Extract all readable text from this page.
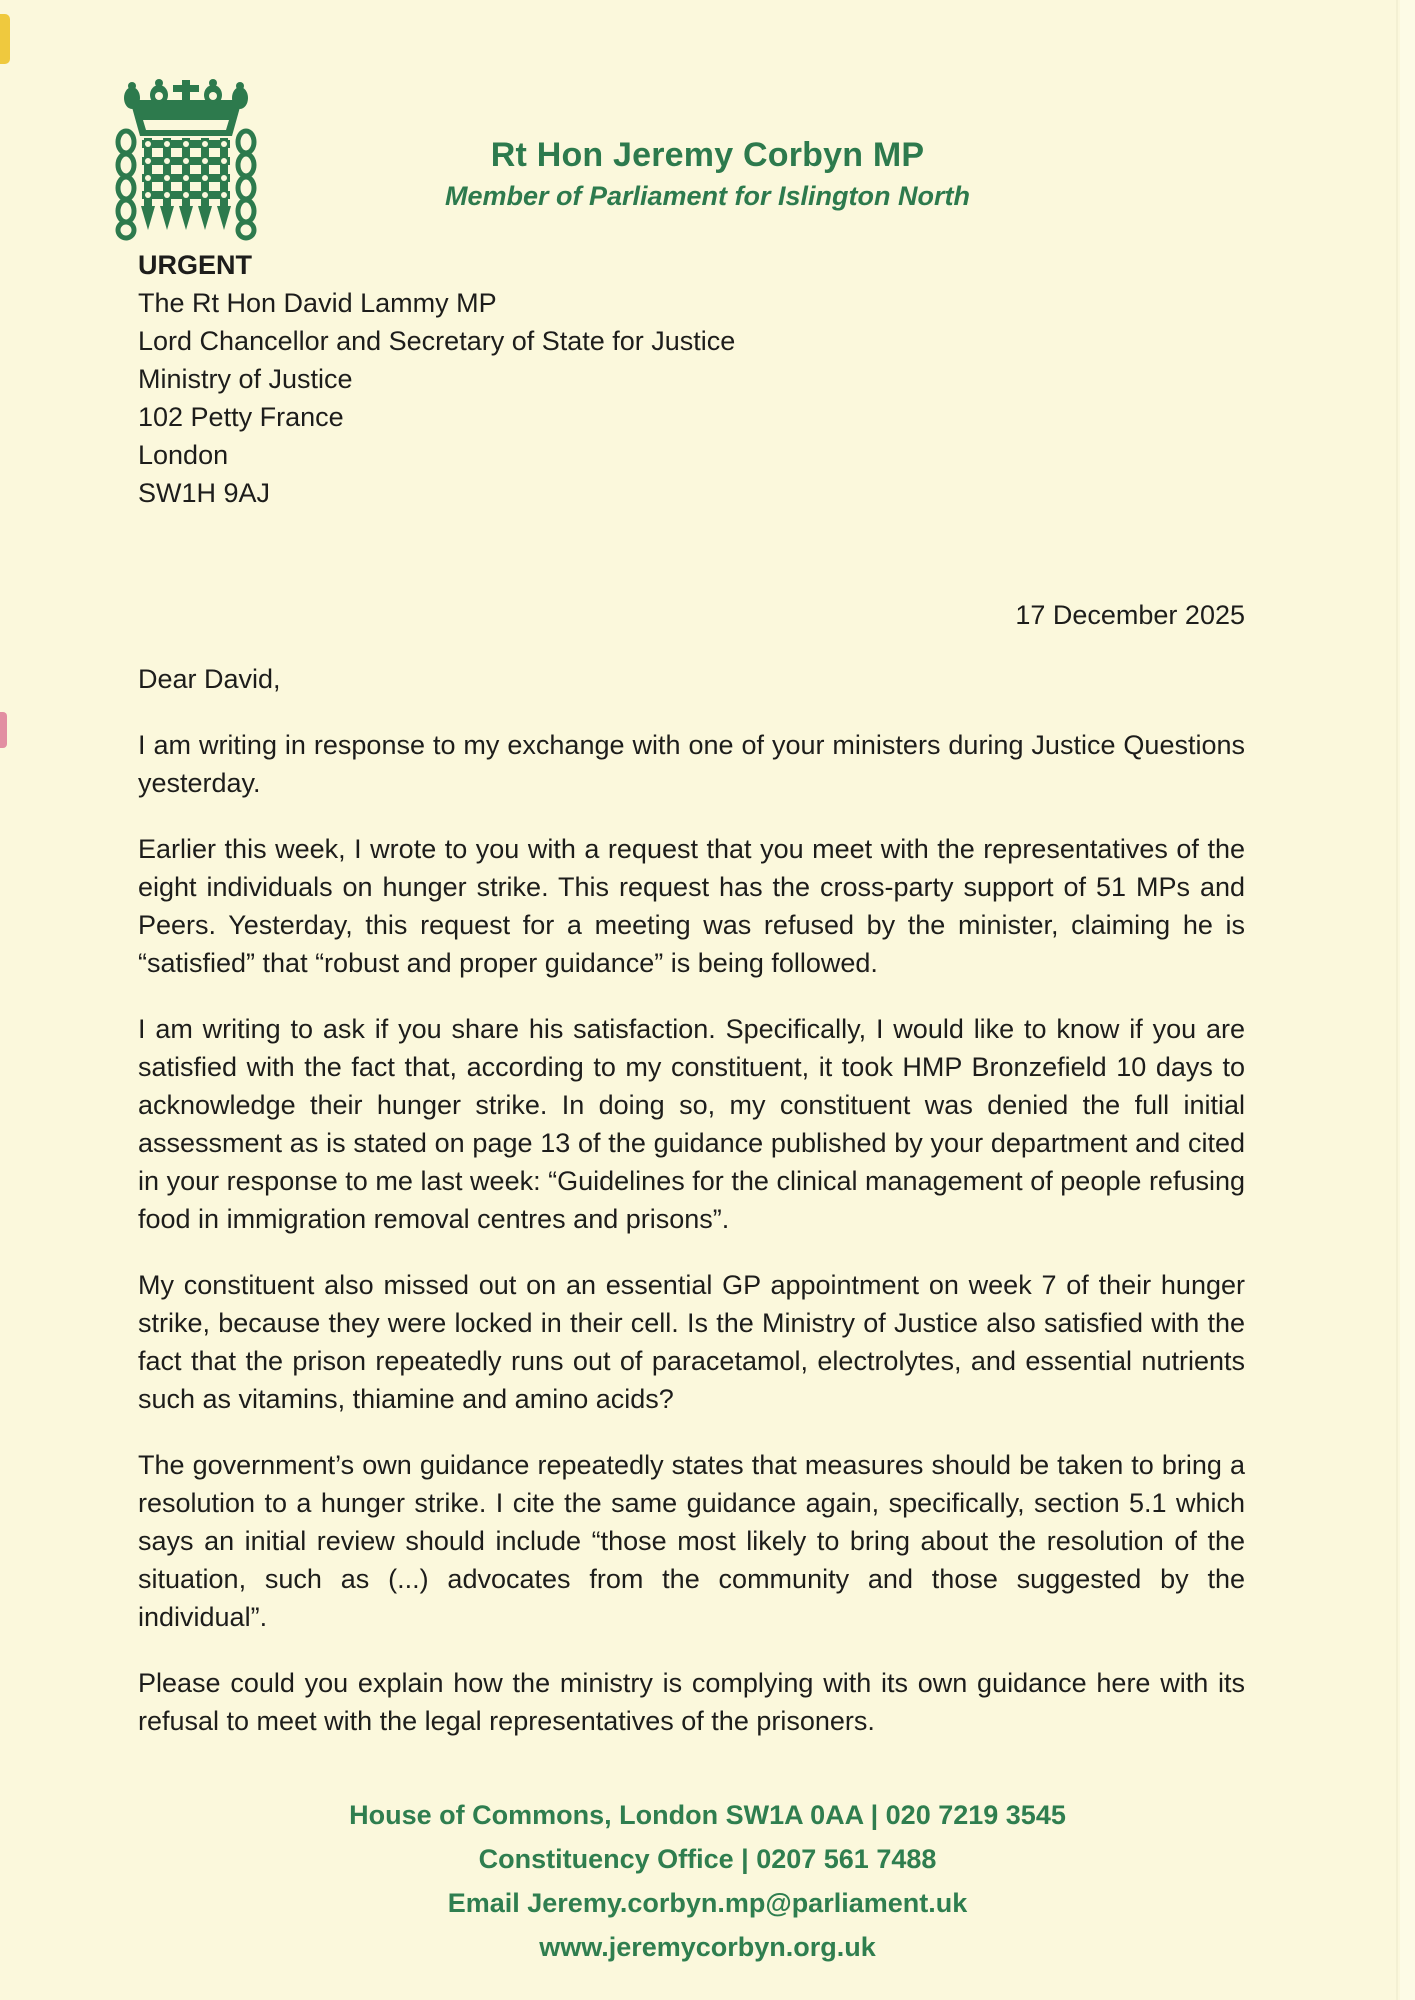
Rt Hon Jeremy Corbyn MP
Member of Parliament for Islington North
URGENT
The Rt Hon David Lammy MP
Lord Chancellor and Secretary of State for Justice
Ministry of Justice
102 Petty France
London
SW1H 9AJ
17 December 2025
Dear David,

I am writing in response to my exchange with one of your ministers during Justice Questions yesterday.

Earlier this week, I wrote to you with a request that you meet with the representatives of the eight individuals on hunger strike. This request has the cross-party support of 51 MPs and Peers. Yesterday, this request for a meeting was refused by the minister, claiming he is “satisfied” that “robust and proper guidance” is being followed.

I am writing to ask if you share his satisfaction. Specifically, I would like to know if you are satisfied with the fact that, according to my constituent, it took HMP Bronzefield 10 days to acknowledge their hunger strike. In doing so, my constituent was denied the full initial assessment as is stated on page 13 of the guidance published by your department and cited in your response to me last week: “Guidelines for the clinical management of people refusing food in immigration removal centres and prisons”.

My constituent also missed out on an essential GP appointment on week 7 of their hunger strike, because they were locked in their cell. Is the Ministry of Justice also satisfied with the fact that the prison repeatedly runs out of paracetamol, electrolytes, and essential nutrients such as vitamins, thiamine and amino acids?

The government’s own guidance repeatedly states that measures should be taken to bring a resolution to a hunger strike. I cite the same guidance again, specifically, section 5.1 which says an initial review should include “those most likely to bring about the resolution of the situation, such as (...) advocates from the community and those suggested by the individual”.

Please could you explain how the ministry is complying with its own guidance here with its refusal to meet with the legal representatives of the prisoners.

House of Commons, London SW1A 0AA | 020 7219 3545
Constituency Office | 0207 561 7488
Email Jeremy.corbyn.mp@parliament.uk
www.jeremycorbyn.org.uk
